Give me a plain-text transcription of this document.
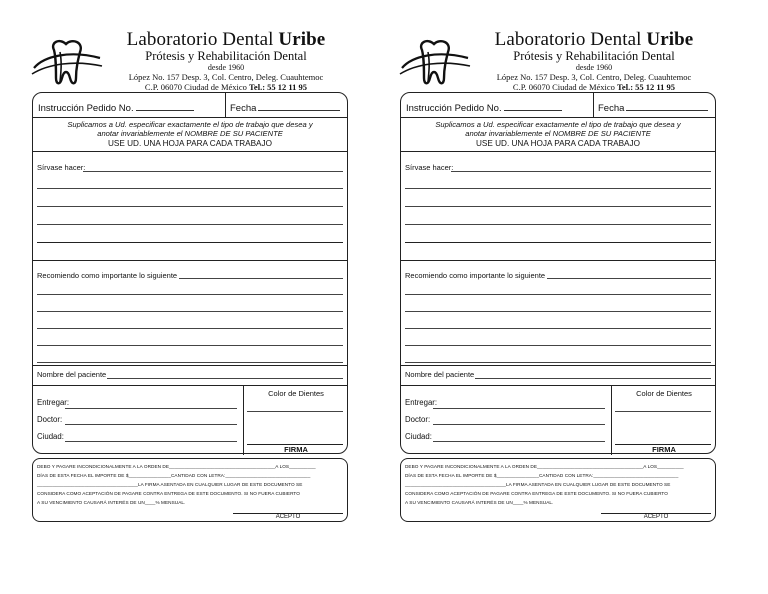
Laboratorio Dental Uribe
Prótesis y Rehabilitación Dental
desde 1960
López No. 157 Desp. 3, Col. Centro, Deleg. Cuauhtemoc
C.P. 06070 Ciudad de México Tel.: 55 12 11 95
Instrucción Pedido No.	Fecha
Suplicamos a Ud. especificar exactamente el tipo de trabajo que desea y
anotar invariablemente el NOMBRE DE SU PACIENTE
USE UD. UNA HOJA PARA CADA TRABAJO
Sírvase hacer:
Recomiendo como importante lo siguiente
Nombre del paciente
Color de Dientes
FIRMA
Entregar:
Doctor:
Ciudad:
DEBO Y PAGARE INCONDICIONALMENTE A LA ORDEN DE________________________________________A LOS__________
DÍAS DE ESTA FECHA EL IMPORTE DE $________________CANTIDAD CON LETRA:________________________________
______________________________________LA FIRMA ASENTADA EN CUALQUIER LUGAR DE ESTE DOCUMENTO SE
CONSIDERA COMO ACEPTACIÓN DE PAGARE CONTRA ENTREGA DE ESTE DOCUMENTO. SI NO FUERA CUBIERTO
A SU VENCIMIENTO CAUSARÁ INTERÉS DE UN____% MENSUAL.
ACEPTO
Laboratorio Dental Uribe
Prótesis y Rehabilitación Dental
desde 1960
López No. 157 Desp. 3, Col. Centro, Deleg. Cuauhtemoc
C.P. 06070 Ciudad de México Tel.: 55 12 11 95
Instrucción Pedido No.	Fecha
Suplicamos a Ud. especificar exactamente el tipo de trabajo que desea y
anotar invariablemente el NOMBRE DE SU PACIENTE
USE UD. UNA HOJA PARA CADA TRABAJO
Sírvase hacer:
Recomiendo como importante lo siguiente
Nombre del paciente
Color de Dientes
FIRMA
Entregar:
Doctor:
Ciudad:
DEBO Y PAGARE INCONDICIONALMENTE A LA ORDEN DE________________________________________A LOS__________
DÍAS DE ESTA FECHA EL IMPORTE DE $________________CANTIDAD CON LETRA:________________________________
______________________________________LA FIRMA ASENTADA EN CUALQUIER LUGAR DE ESTE DOCUMENTO SE
CONSIDERA COMO ACEPTACIÓN DE PAGARE CONTRA ENTREGA DE ESTE DOCUMENTO. SI NO FUERA CUBIERTO
A SU VENCIMIENTO CAUSARÁ INTERÉS DE UN____% MENSUAL.
ACEPTO
